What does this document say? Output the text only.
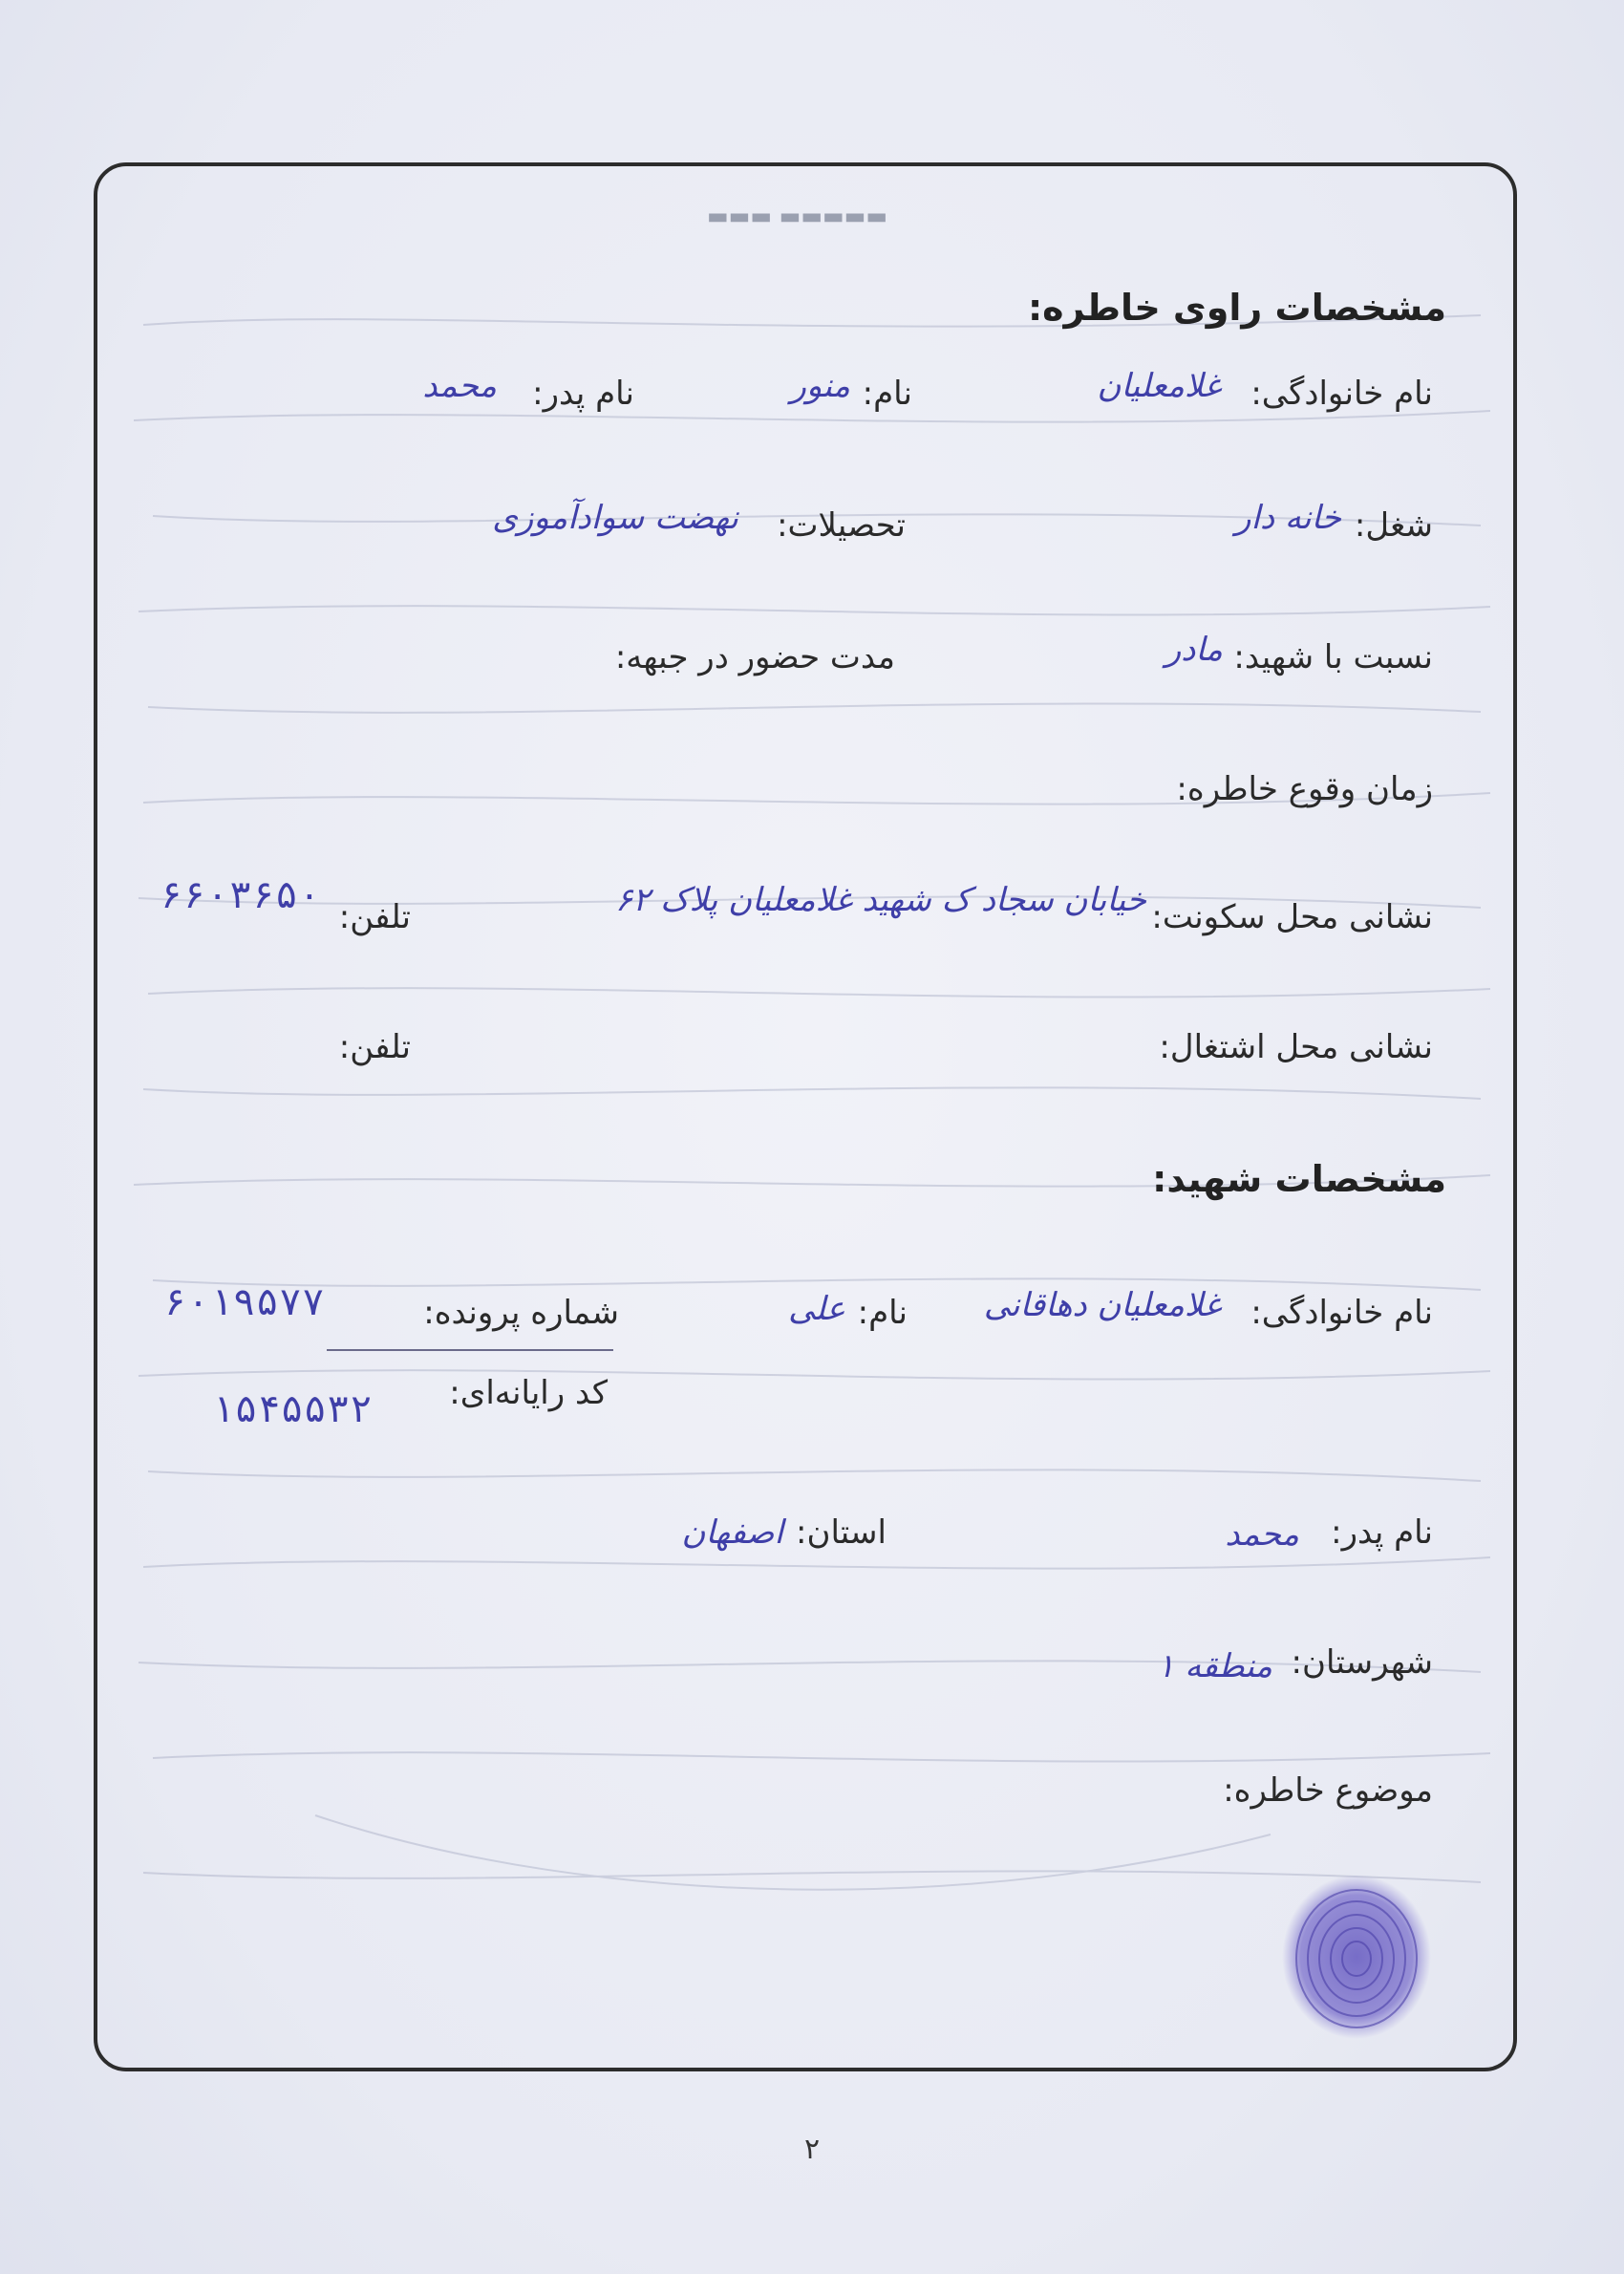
▬▬▬▬▬ ▬▬▬
مشخصات راوی خاطره:
نام خانوادگی:
غلامعلیان
نام:
منور
نام پدر:
محمد
شغل:
خانه دار
تحصیلات:
نهضت سوادآموزی
نسبت با شهید:
مادر
مدت حضور در جبهه:
زمان وقوع خاطره:
نشانی محل سکونت:
خیابان سجاد ک شهید غلامعلیان پلاک ۶۲
تلفن:
۶۶۰۳۶۵۰
نشانی محل اشتغال:
تلفن:
مشخصات شهید:
نام خانوادگی:
غلامعلیان دهاقانی
نام:
علی
شماره پرونده:
۶۰۱۹۵۷۷
کد رایانه‌ای:
۱۵۴۵۵۳۲
نام پدر:
محمد
استان:
اصفهان
شهرستان:
منطقه ۱
موضوع خاطره:
۲
